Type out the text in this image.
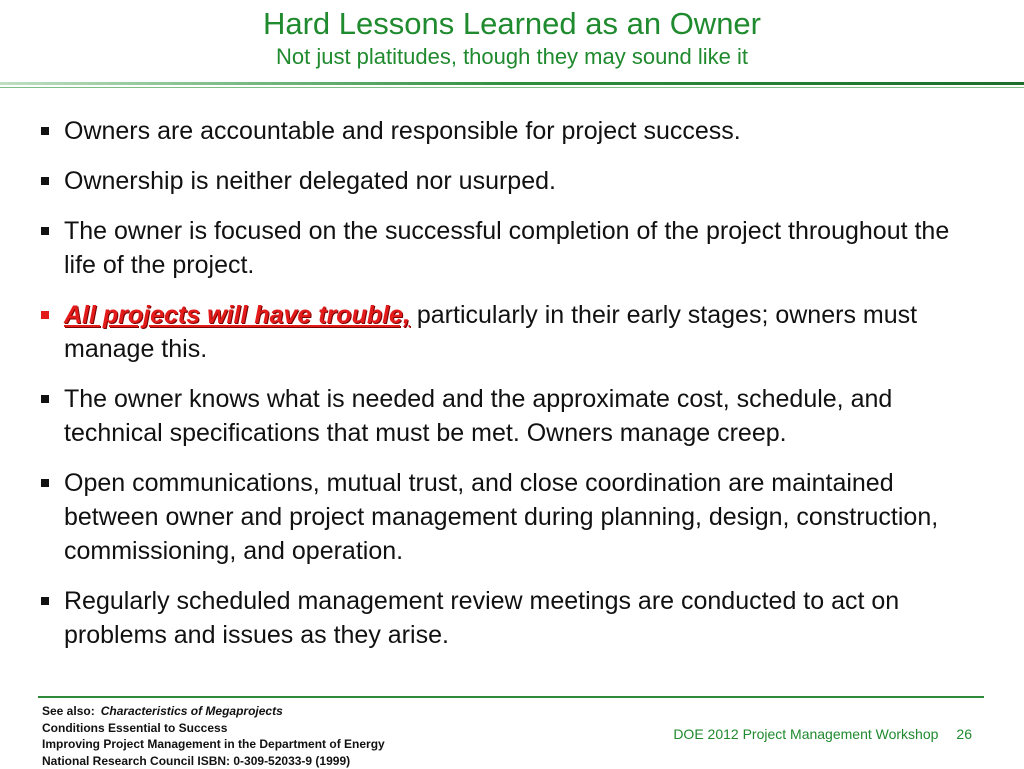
Hard Lessons Learned as an Owner
Not just platitudes, though they may sound like it
Owners are accountable and responsible for project success.
Ownership is neither delegated nor usurped.
The owner is focused on the successful completion of the project throughout the life of the project.
All projects will have trouble, particularly in their early stages; owners must manage this.
The owner knows what is needed and the approximate cost, schedule, and technical specifications that must be met. Owners manage creep.
Open communications, mutual trust, and close coordination are maintained between owner and project management during planning, design, construction, commissioning, and operation.
Regularly scheduled management review meetings are conducted to act on problems and issues as they arise.
See also: Characteristics of Megaprojects
Conditions Essential to Success
Improving Project Management in the Department of Energy
National Research Council ISBN: 0-309-52033-9 (1999)
DOE 2012 Project Management Workshop 26
